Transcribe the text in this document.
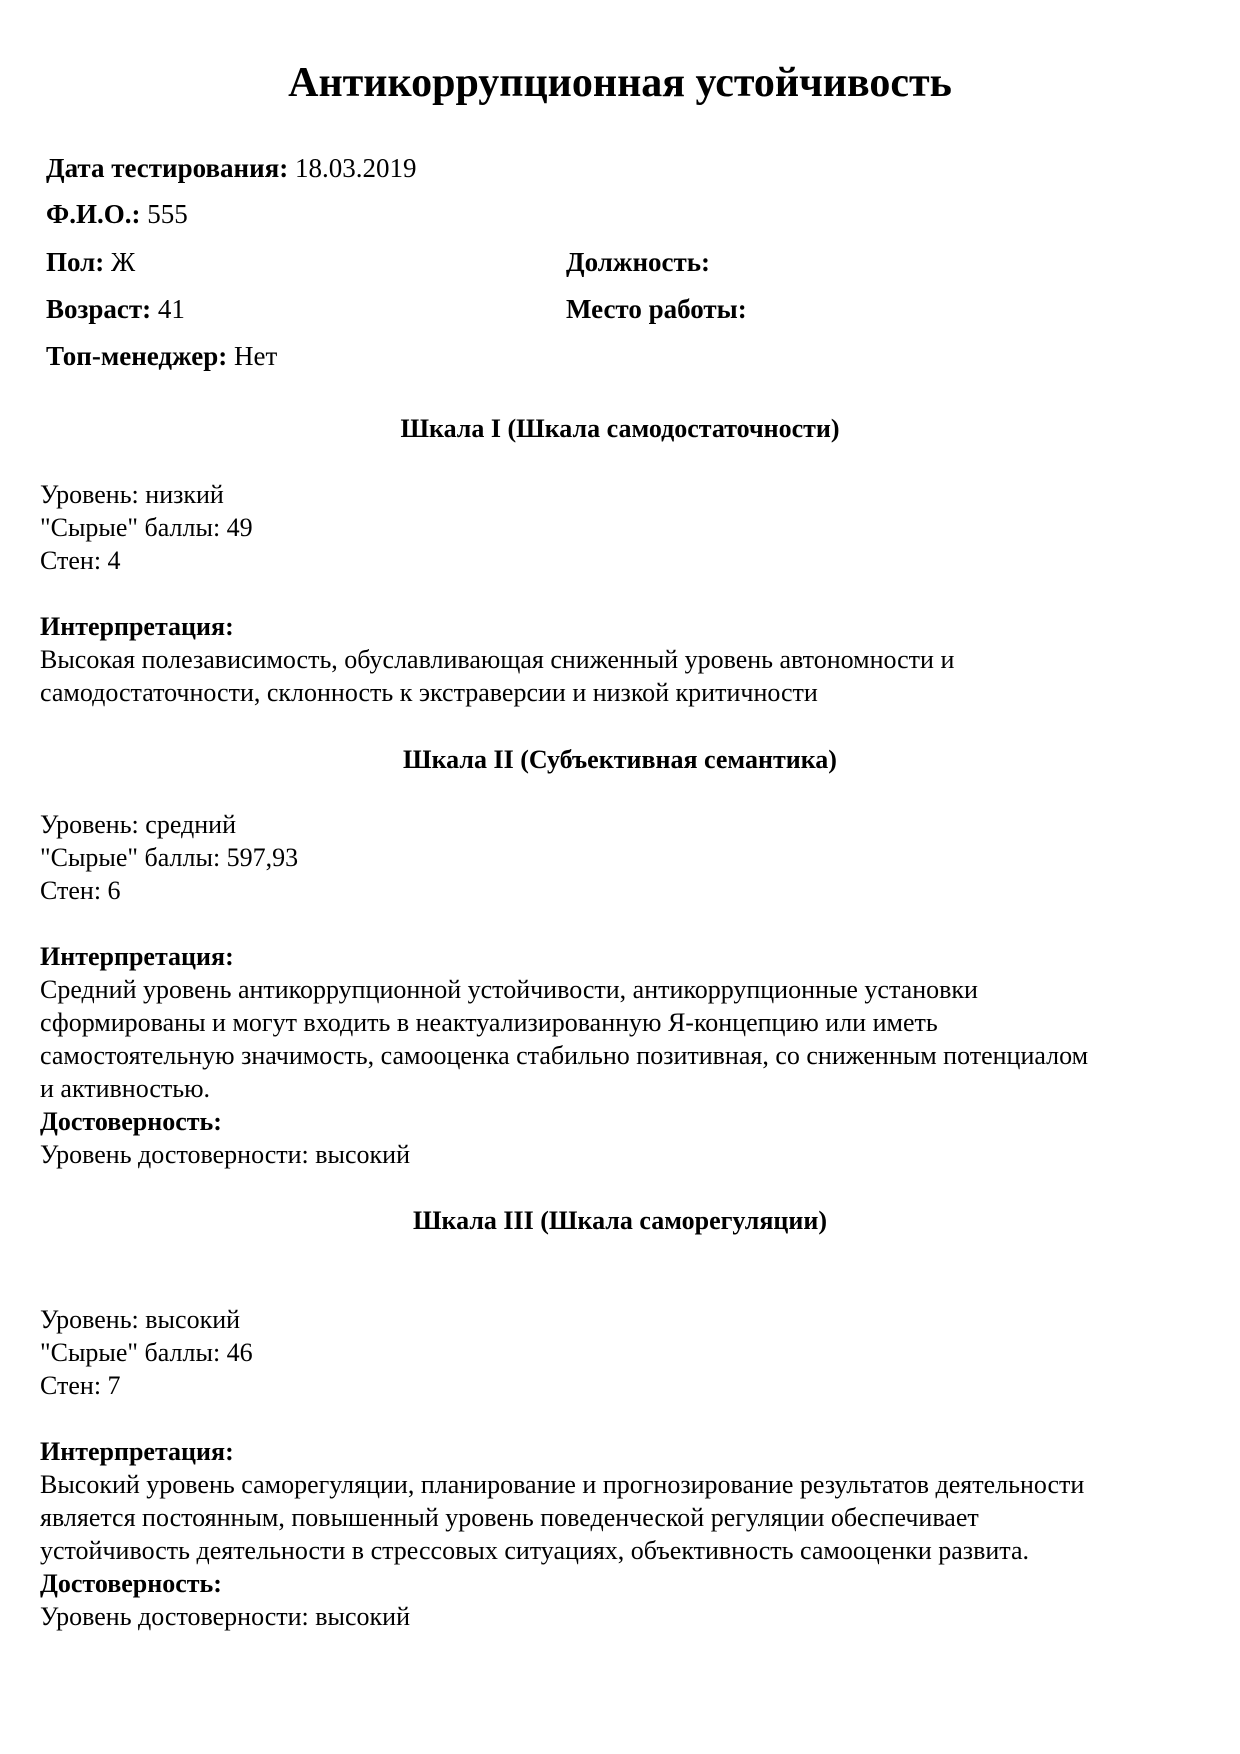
Антикоррупционная устойчивость
Дата тестирования: 18.03.2019
Ф.И.О.: 555
Пол: Ж	Должность:
Возраст: 41	Место работы:
Топ-менеджер: Нет
Шкала I (Шкала самодостаточности)
Уровень: низкий
"Сырые" баллы: 49
Стен: 4
Интерпретация:
Высокая полезависимость, обуславливающая сниженный уровень автономности и
самодостаточности, склонность к экстраверсии и низкой критичности
Шкала II (Субъективная семантика)
Уровень: средний
"Сырые" баллы: 597,93
Стен: 6
Интерпретация:
Средний уровень антикоррупционной устойчивости, антикоррупционные установки
сформированы и могут входить в неактуализированную Я-концепцию или иметь
самостоятельную значимость, самооценка стабильно позитивная, со сниженным потенциалом
и активностью.
Достоверность:
Уровень достоверности: высокий
Шкала III (Шкала саморегуляции)
Уровень: высокий
"Сырые" баллы: 46
Стен: 7
Интерпретация:
Высокий уровень саморегуляции, планирование и прогнозирование результатов деятельности
является постоянным, повышенный уровень поведенческой регуляции обеспечивает
устойчивость деятельности в стрессовых ситуациях, объективность самооценки развита.
Достоверность:
Уровень достоверности: высокий
